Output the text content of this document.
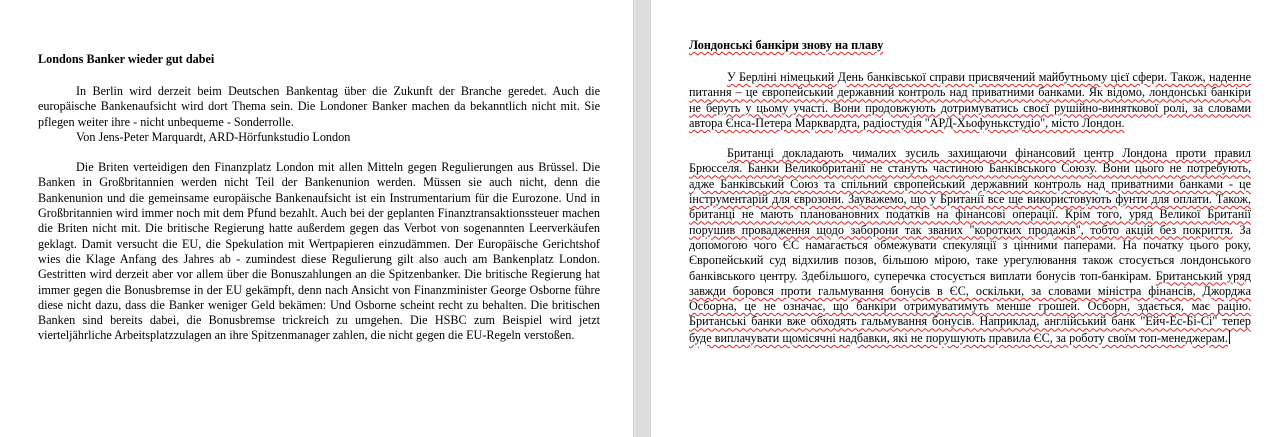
Londons Banker wieder gut dabei

In Berlin wird derzeit beim Deutschen Bankentag über die Zukunft der Branche geredet. Auch die europäische Bankenaufsicht wird dort Thema sein. Die Londoner Banker machen da bekanntlich nicht mit. Sie pflegen weiter ihre - nicht unbequeme - Sonderrolle.

Von Jens-Peter Marquardt, ARD-Hörfunkstudio London

Die Briten verteidigen den Finanzplatz London mit allen Mitteln gegen Regulierungen aus Brüssel. Die Banken in Großbritannien werden nicht Teil der Bankenunion werden. Müssen sie auch nicht, denn die Bankenunion und die gemeinsame europäische Bankenaufsicht ist ein Instrumentarium für die Eurozone. Und in Großbritannien wird immer noch mit dem Pfund bezahlt. Auch bei der geplanten Finanztransaktionssteuer machen die Briten nicht mit. Die britische Regierung hatte außerdem gegen das Verbot von sogenannten Leerverkäufen geklagt. Damit versucht die EU, die Spekulation mit Wertpapieren einzudämmen. Der Europäische Gerichtshof wies die Klage Anfang des Jahres ab - zumindest diese Regulierung gilt also auch am Bankenplatz London. Gestritten wird derzeit aber vor allem über die Bonuszahlungen an die Spitzenbanker. Die britische Regierung hat immer gegen die Bonusbremse in der EU gekämpft, denn nach Ansicht von Finanzminister George Osborne führe diese nicht dazu, dass die Banker weniger Geld bekämen: Und Osborne scheint recht zu behalten. Die britischen Banken sind bereits dabei, die Bonusbremse trickreich zu umgehen. Die HSBC zum Beispiel wird jetzt vierteljährliche Arbeitsplatzzulagen an ihre Spitzenmanager zahlen, die nicht gegen die EU-Regeln verstoßen.

Лондонські банкіри знову на плаву

У Берліні німецький День банківської справи присвячений майбутньому цієї сфери. Також, наденне питання – це європейський державний контроль над приватними банками. Як відомо, лондонські банкіри не беруть у цьому участі. Вони продовжують дотримуватись своєї рушійно-виняткової ролі, за словами автора Єнса-Петера Марквардта, радіостудія "АРД-Хьофунькстудіо", місто Лондон.

Британці докладають чималих зусиль захищаючи фінансовий центр Лондона проти правил Брюсселя. Банки Великобританії не стануть частиною Банківського Союзу. Вони цього не потребують, адже Банківський Союз та спільний європейський державний контроль над приватними банками - це інструментарій для єврозони. Зауважемо, що у Британії все ще використовують фунти для оплати. Також, британці не мають плановановних податків на фінансові операції. Крім того, уряд Великої Британії порушив провадження щодо заборони так званих "коротких продажів", тобто акцій без покриття. За допомогою чого ЄС намагається обмежувати спекуляції з цінними паперами. На початку цього року, Європейський суд відхилив позов, більшою мірою, таке урегулювання також стосується лондонського банківського центру. Здебільшого, суперечка стосується виплати бонусів топ-банкірам. Британський уряд завжди боровся проти гальмування бонусів в ЄС, оскільки, за словами міністра фінансів, Джорджа Осборна, це не означає, що банкіри отримуватимуть менше грошей. Осборн, здається, має рацію. Британські банки вже обходять гальмування бонусів. Наприклад, англійський банк "Ейч-Ес-Бі-Сі" тепер буде виплачувати щомісячні надбавки, які не порушують правила ЄС, за роботу своїм топ-менеджерам.
